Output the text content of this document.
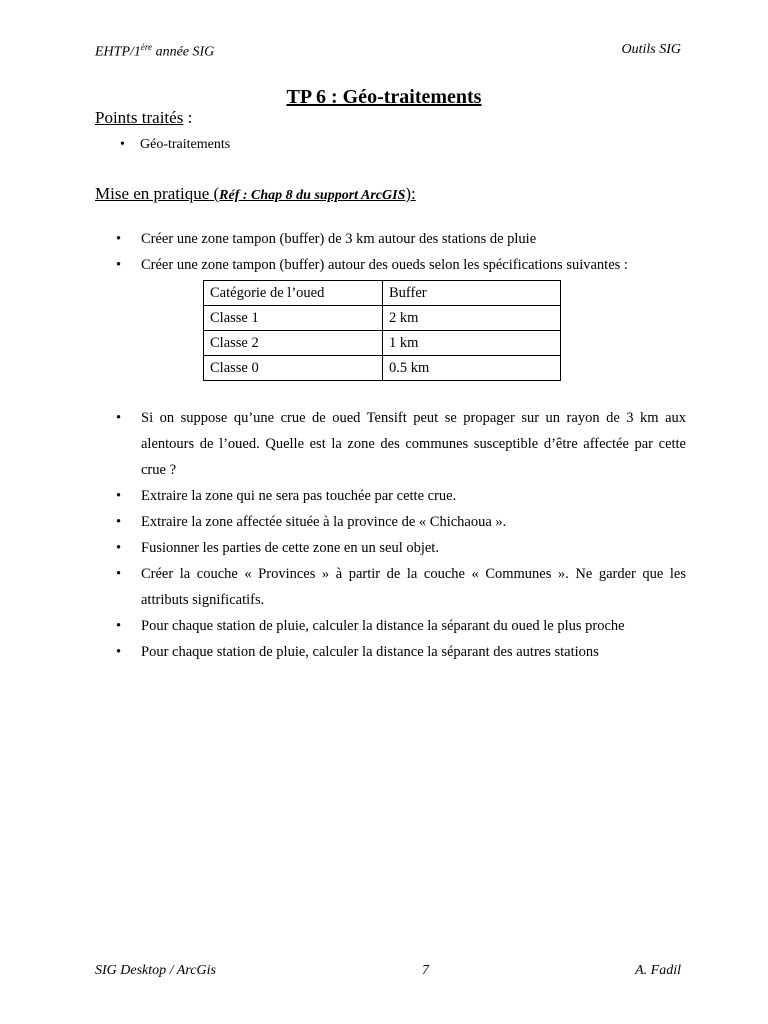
EHTP/1ère année SIG	Outils SIG
TP 6 : Géo-traitements
Points traités :
• Géo-traitements
Mise en pratique (Réf : Chap 8 du support ArcGIS):
• Créer une zone tampon (buffer) de 3 km autour des stations de pluie
• Créer une zone tampon (buffer) autour des oueds selon les spécifications suivantes :
Catégorie de l’oued	Buffer
Classe 1	2 km
Classe 2	1 km
Classe 0	0.5 km
• Si on suppose qu’une crue de oued Tensift peut se propager sur un rayon de 3 km aux alentours de l’oued. Quelle est la zone des communes susceptible d’être affectée par cette crue ?
• Extraire la zone qui ne sera pas touchée par cette crue.
• Extraire la zone affectée située à la province de « Chichaoua ».
• Fusionner les parties de cette zone en un seul objet.
• Créer la couche « Provinces » à partir de la couche « Communes ». Ne garder que les attributs significatifs.
• Pour chaque station de pluie, calculer la distance la séparant du oued le plus proche
• Pour chaque station de pluie, calculer la distance la séparant des autres stations
SIG Desktop / ArcGis	7	A. Fadil
